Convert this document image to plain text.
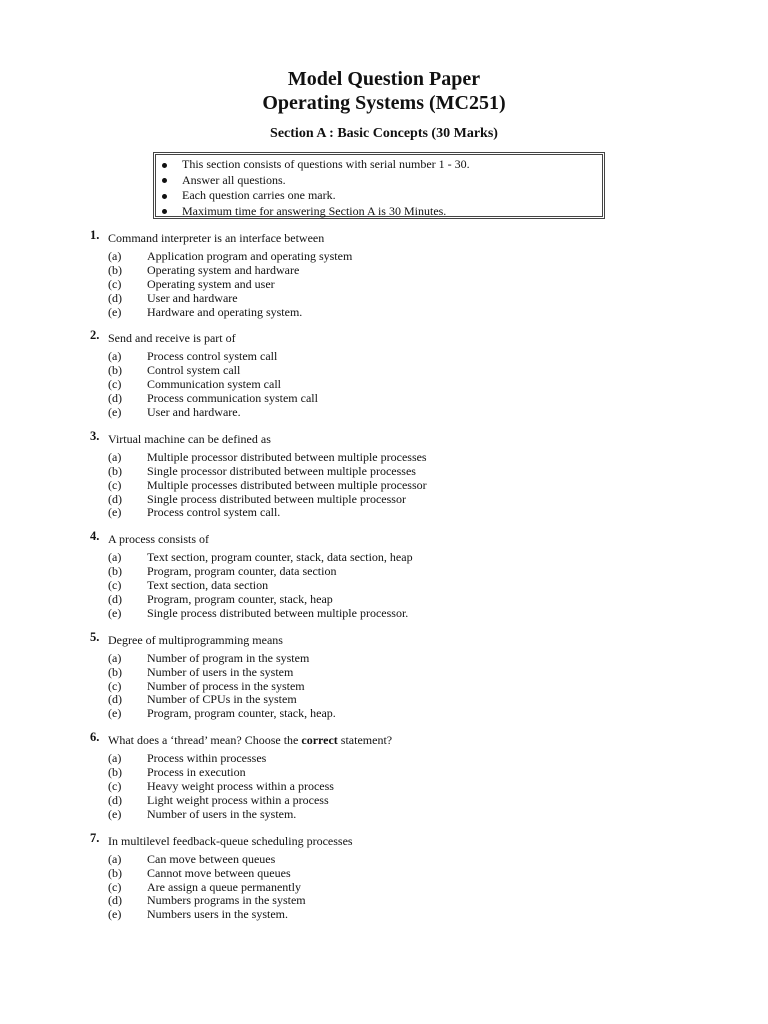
Model Question Paper
Operating Systems (MC251)
Section A : Basic Concepts (30 Marks)
This section consists of questions with serial number 1 - 30.
Answer all questions.
Each question carries one mark.
Maximum time for answering Section A is 30 Minutes.
1. Command interpreter is an interface between
(a) Application program and operating system
(b) Operating system and hardware
(c) Operating system and user
(d) User and hardware
(e) Hardware and operating system.
2. Send and receive is part of
(a) Process control system call
(b) Control system call
(c) Communication system call
(d) Process communication system call
(e) User and hardware.
3. Virtual machine can be defined as
(a) Multiple processor distributed between multiple processes
(b) Single processor distributed between multiple processes
(c) Multiple processes distributed between multiple processor
(d) Single process distributed between multiple processor
(e) Process control system call.
4. A process consists of
(a) Text section, program counter, stack, data section, heap
(b) Program, program counter, data section
(c) Text section, data section
(d) Program, program counter, stack, heap
(e) Single process distributed between multiple processor.
5. Degree of multiprogramming means
(a) Number of program in the system
(b) Number of users in the system
(c) Number of process in the system
(d) Number of CPUs in the system
(e) Program, program counter, stack, heap.
6. What does a ‘thread’ mean? Choose the correct statement?
(a) Process within processes
(b) Process in execution
(c) Heavy weight process within a process
(d) Light weight process within a process
(e) Number of users in the system.
7. In multilevel feedback-queue scheduling processes
(a) Can move between queues
(b) Cannot move between queues
(c) Are assign a queue permanently
(d) Numbers programs in the system
(e) Numbers users in the system.
